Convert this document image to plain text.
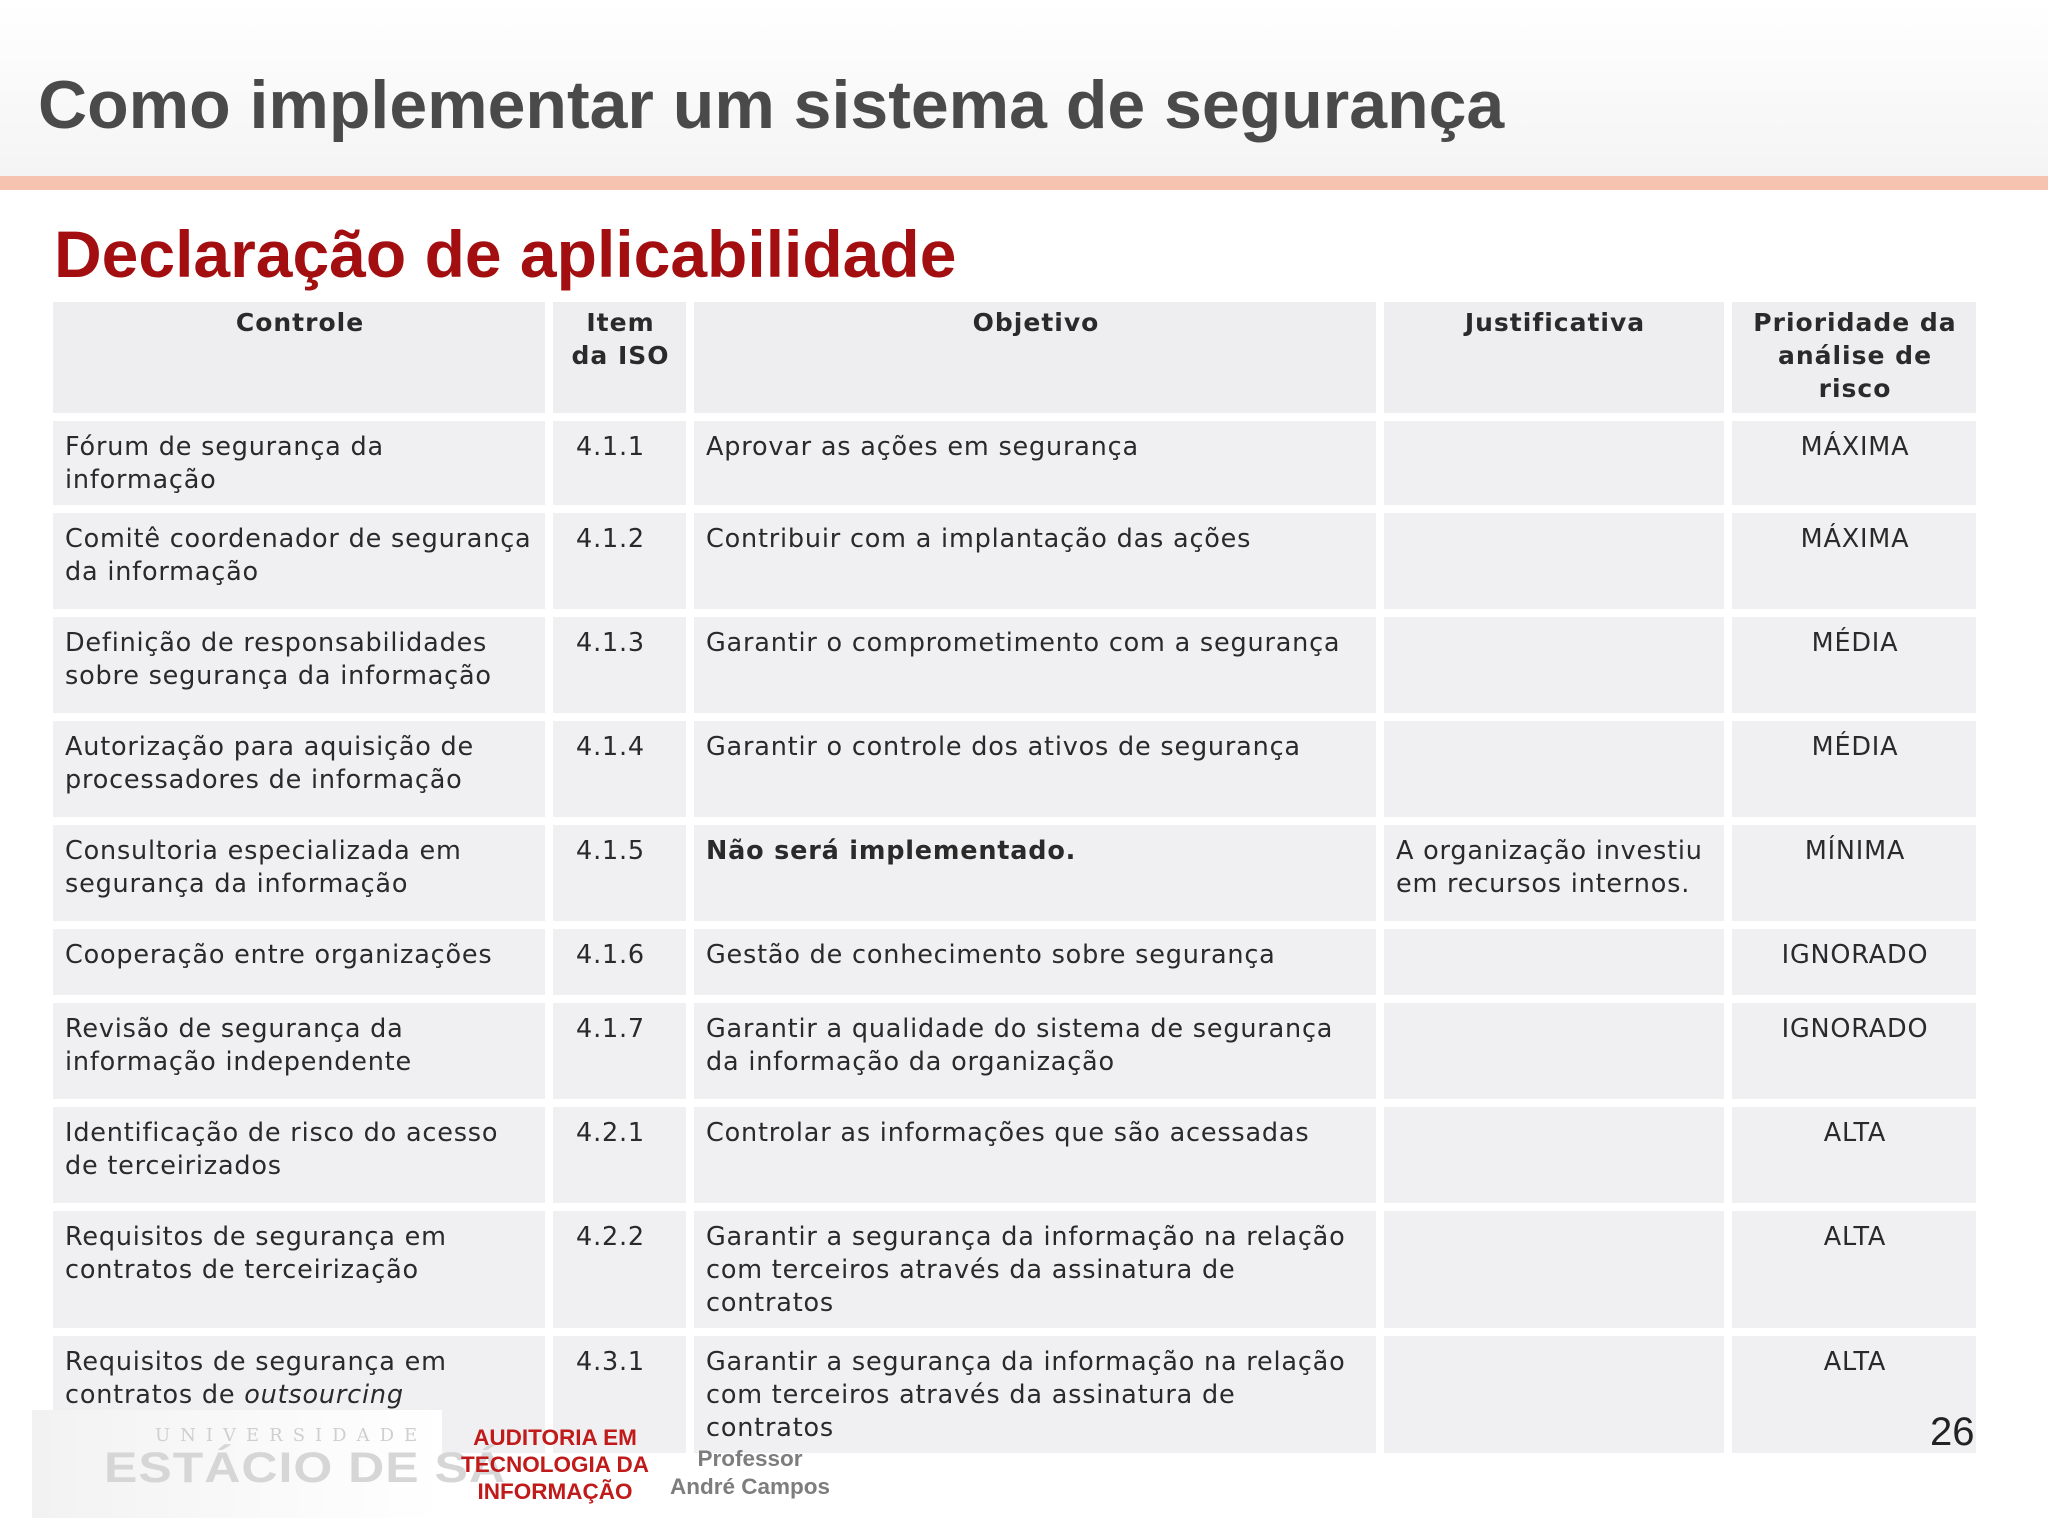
Como implementar um sistema de segurança
Declaração de aplicabilidade
Controle	Item da ISO	Objetivo	Justificativa	Prioridade da análise de risco
Fórum de segurança da informação	4.1.1	Aprovar as ações em segurança		MÁXIMA
Comitê coordenador de segurança da informação	4.1.2	Contribuir com a implantação das ações		MÁXIMA
Definição de responsabilidades sobre segurança da informação	4.1.3	Garantir o comprometimento com a segurança		MÉDIA
Autorização para aquisição de processadores de informação	4.1.4	Garantir o controle dos ativos de segurança		MÉDIA
Consultoria especializada em segurança da informação	4.1.5	Não será implementado.	A organização investiu em recursos internos.	MÍNIMA
Cooperação entre organizações	4.1.6	Gestão de conhecimento sobre segurança		IGNORADO
Revisão de segurança da informação independente	4.1.7	Garantir a qualidade do sistema de segurança da informação da organização		IGNORADO
Identificação de risco do acesso de terceirizados	4.2.1	Controlar as informações que são acessadas		ALTA
Requisitos de segurança em contratos de terceirização	4.2.2	Garantir a segurança da informação na relação com terceiros através da assinatura de contratos		ALTA
Requisitos de segurança em contratos de outsourcing	4.3.1	Garantir a segurança da informação na relação com terceiros através da assinatura de contratos		ALTA
UNIVERSIDADE
ESTÁCIO DE SÁ
AUDITORIA EM TECNOLOGIA DA INFORMAÇÃO
Professor
André Campos
26
